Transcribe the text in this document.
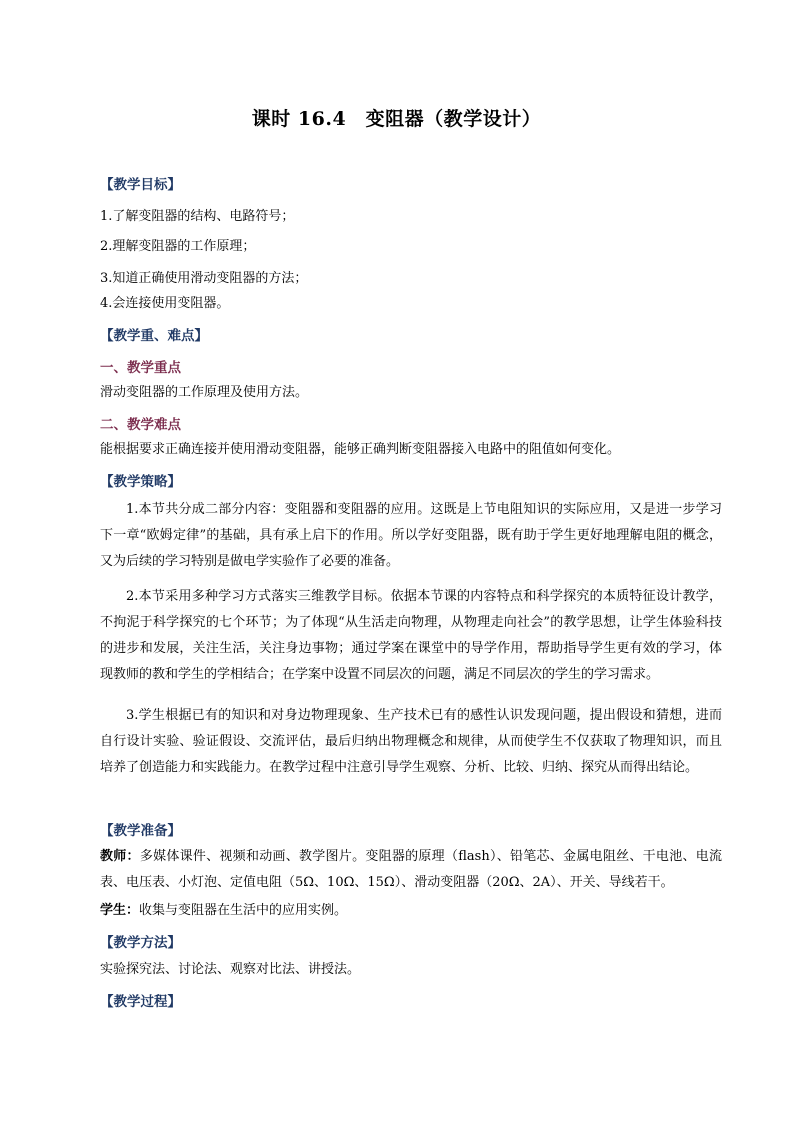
课时 16.4　变阻器（教学设计）
【教学目标】
1.了解变阻器的结构、电路符号；
2.理解变阻器的工作原理；
3.知道正确使用滑动变阻器的方法；
4.会连接使用变阻器。
【教学重、难点】
一、教学重点
滑动变阻器的工作原理及使用方法。
二、教学难点
能根据要求正确连接并使用滑动变阻器，能够正确判断变阻器接入电路中的阻值如何变化。
【教学策略】
1.本节共分成二部分内容：变阻器和变阻器的应用。这既是上节电阻知识的实际应用，又是进一步学习下一章“欧姆定律”的基础，具有承上启下的作用。所以学好变阻器，既有助于学生更好地理解电阻的概念，又为后续的学习特别是做电学实验作了必要的准备。
2.本节采用多种学习方式落实三维教学目标。依据本节课的内容特点和科学探究的本质特征设计教学，不拘泥于科学探究的七个环节；为了体现“从生活走向物理，从物理走向社会”的教学思想，让学生体验科技的进步和发展，关注生活，关注身边事物；通过学案在课堂中的导学作用，帮助指导学生更有效的学习，体现教师的教和学生的学相结合；在学案中设置不同层次的问题，满足不同层次的学生的学习需求。
3.学生根据已有的知识和对身边物理现象、生产技术已有的感性认识发现问题，提出假设和猜想，进而自行设计实验、验证假设、交流评估，最后归纳出物理概念和规律，从而使学生不仅获取了物理知识，而且培养了创造能力和实践能力。在教学过程中注意引导学生观察、分析、比较、归纳、探究从而得出结论。
【教学准备】
教师：多媒体课件、视频和动画、教学图片。变阻器的原理（flash）、铅笔芯、金属电阻丝、干电池、电流表、电压表、小灯泡、定值电阻（5Ω、10Ω、15Ω）、滑动变阻器（20Ω、2A）、开关、导线若干。
学生：收集与变阻器在生活中的应用实例。
【教学方法】
实验探究法、讨论法、观察对比法、讲授法。
【教学过程】
